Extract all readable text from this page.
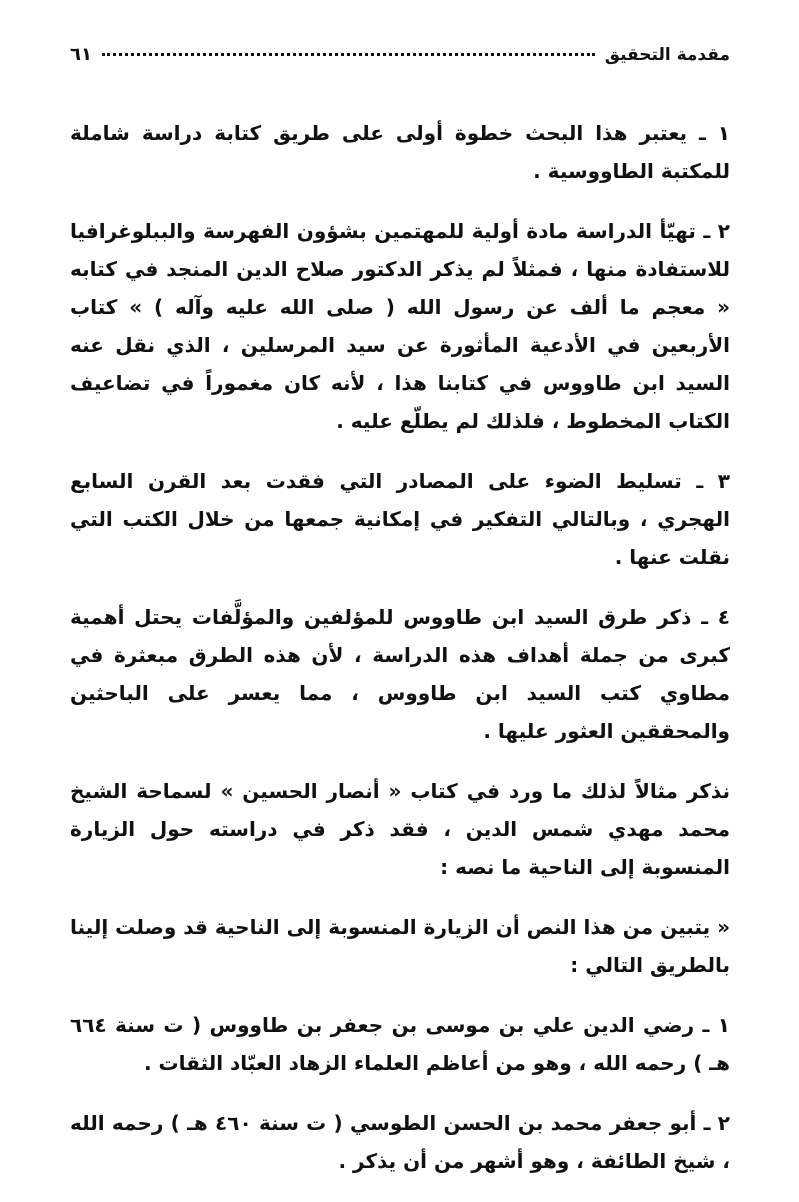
مقدمة التحقيق
٦١

١ ـ يعتبر هذا البحث خطوة أولى على طريق كتابة دراسة شاملة للمكتبة الطاووسية .

٢ ـ تهيّأ الدراسة مادة أولية للمهتمين بشؤون الفهرسة والببلوغرافيا للاستفادة منها ، فمثلاً لم يذكر الدكتور صلاح الدين المنجد في كتابه « معجم ما ألف عن رسول الله ( صلى الله عليه وآله ) » كتاب الأربعين في الأدعية المأثورة عن سيد المرسلين ، الذي نقل عنه السيد ابن طاووس في كتابنا هذا ، لأنه كان مغموراً في تضاعيف الكتاب المخطوط ، فلذلك لم يطلّع عليه .

٣ ـ تسليط الضوء على المصادر التي فقدت بعد القرن السابع الهجري ، وبالتالي التفكير في إمكانية جمعها من خلال الكتب التي نقلت عنها .

٤ ـ ذكر طرق السيد ابن طاووس للمؤلفين والمؤلَّفات يحتل أهمية كبرى من جملة أهداف هذه الدراسة ، لأن هذه الطرق مبعثرة في مطاوي كتب السيد ابن طاووس ، مما يعسر على الباحثين والمحققين العثور عليها .

نذكر مثالاً لذلك ما ورد في كتاب « أنصار الحسين » لسماحة الشيخ محمد مهدي شمس الدين ، فقد ذكر في دراسته حول الزيارة المنسوبة إلى الناحية ما نصه :

« يتبين من هذا النص أن الزيارة المنسوبة إلى الناحية قد وصلت إلينا بالطريق التالي :

١ ـ رضي الدين علي بن موسى بن جعفر بن طاووس ( ت سنة ٦٦٤ هـ ) رحمه الله ، وهو من أعاظم العلماء الزهاد العبّاد الثقات .

٢ ـ أبو جعفر محمد بن الحسن الطوسي ( ت سنة ٤٦٠ هـ ) رحمه الله ، شيخ الطائفة ، وهو أشهر من أن يذكر .
